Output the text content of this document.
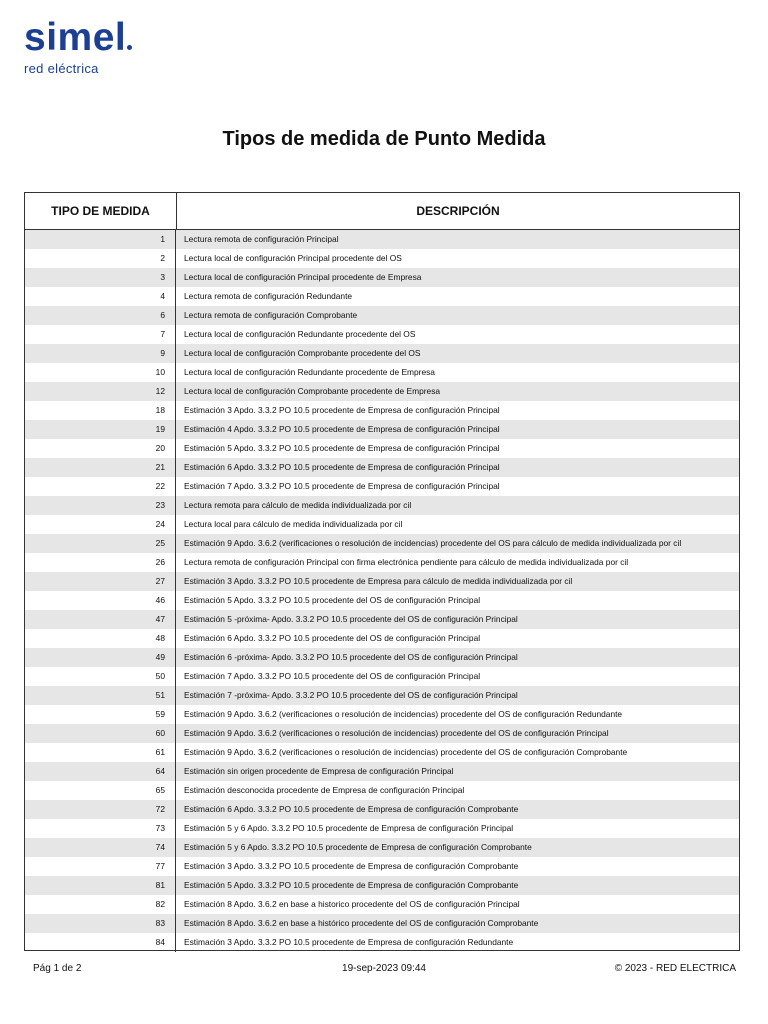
simel
red eléctrica
Tipos de medida de Punto Medida
TIPO DE MEDIDA	DESCRIPCIÓN
1	Lectura remota de configuración Principal
2	Lectura local de configuración Principal procedente del OS
3	Lectura local de configuración Principal procedente de Empresa
4	Lectura remota de configuración Redundante
6	Lectura remota de configuración Comprobante
7	Lectura local de configuración Redundante procedente del OS
9	Lectura local de configuración Comprobante procedente del OS
10	Lectura local de configuración Redundante procedente de Empresa
12	Lectura local de configuración Comprobante procedente de Empresa
18	Estimación 3 Apdo. 3.3.2 PO 10.5 procedente de Empresa de configuración Principal
19	Estimación 4 Apdo. 3.3.2 PO 10.5 procedente de Empresa de configuración Principal
20	Estimación 5 Apdo. 3.3.2 PO 10.5 procedente de Empresa de configuración Principal
21	Estimación 6 Apdo. 3.3.2 PO 10.5 procedente de Empresa de configuración Principal
22	Estimación 7 Apdo. 3.3.2 PO 10.5 procedente de Empresa de configuración Principal
23	Lectura remota para cálculo de medida individualizada por cil
24	Lectura local para cálculo de medida individualizada por cil
25	Estimación 9 Apdo. 3.6.2 (verificaciones o resolución de incidencias) procedente del OS para cálculo de medida individualizada por cil
26	Lectura remota de configuración Principal con firma electrónica pendiente para cálculo de medida individualizada por cil
27	Estimación 3 Apdo. 3.3.2 PO 10.5 procedente de Empresa para cálculo de medida individualizada por cil
46	Estimación 5 Apdo. 3.3.2 PO 10.5 procedente del OS de configuración Principal
47	Estimación 5 -próxima- Apdo. 3.3.2 PO 10.5 procedente del OS de configuración Principal
48	Estimación 6 Apdo. 3.3.2 PO 10.5 procedente del OS de configuración Principal
49	Estimación 6 -próxima- Apdo. 3.3.2 PO 10.5 procedente del OS de configuración Principal
50	Estimación 7 Apdo. 3.3.2 PO 10.5 procedente del OS de configuración Principal
51	Estimación 7 -próxima- Apdo. 3.3.2 PO 10.5 procedente del OS de configuración Principal
59	Estimación 9 Apdo. 3.6.2 (verificaciones o resolución de incidencias) procedente del OS de configuración Redundante
60	Estimación 9 Apdo. 3.6.2 (verificaciones o resolución de incidencias) procedente del OS de configuración Principal
61	Estimación 9 Apdo. 3.6.2 (verificaciones o resolución de incidencias) procedente del OS de configuración Comprobante
64	Estimación sin origen procedente de Empresa de configuración Principal
65	Estimación desconocida procedente de Empresa de configuración Principal
72	Estimación 6 Apdo. 3.3.2 PO 10.5 procedente de Empresa de configuración Comprobante
73	Estimación 5 y 6 Apdo. 3.3.2 PO 10.5 procedente de Empresa de configuración Principal
74	Estimación 5 y 6 Apdo. 3.3.2 PO 10.5 procedente de Empresa de configuración Comprobante
77	Estimación 3 Apdo. 3.3.2 PO 10.5 procedente de Empresa de configuración Comprobante
81	Estimación 5 Apdo. 3.3.2 PO 10.5 procedente de Empresa de configuración Comprobante
82	Estimación 8 Apdo. 3.6.2 en base a historico procedente del OS de configuración Principal
83	Estimación 8 Apdo. 3.6.2 en base a histórico procedente del OS de configuración Comprobante
84	Estimación 3 Apdo. 3.3.2 PO 10.5 procedente de Empresa de configuración Redundante
Pág 1 de 2	19-sep-2023 09:44	© 2023 - RED ELECTRICA
